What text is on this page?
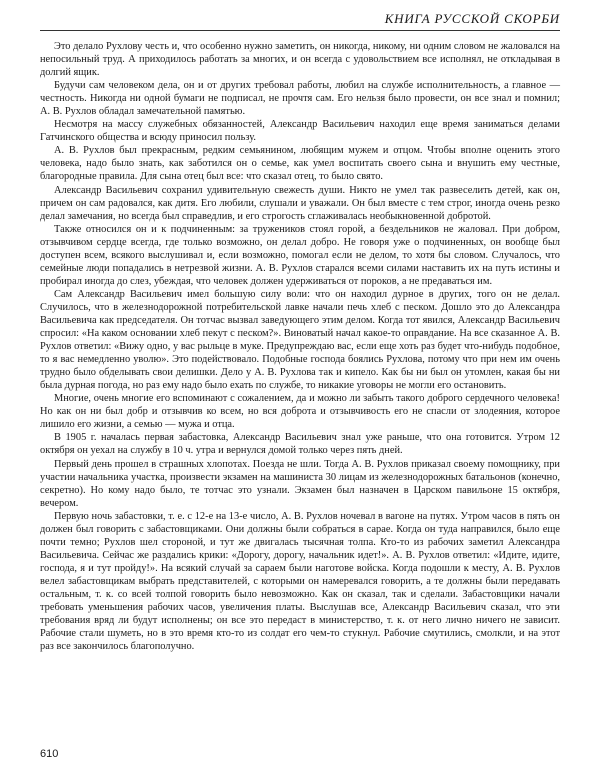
КНИГА РУССКОЙ СКОРБИ

Это делало Рухлову честь и, что особенно нужно заметить, он никогда, никому, ни одним словом не жаловался на непосильный труд. А приходилось работать за многих, и он всегда с удовольствием все исполнял, не откладывая в долгий ящик.

Будучи сам человеком дела, он и от других требовал работы, любил на службе исполнительность, а главное — честность. Никогда ни одной бумаги не подписал, не прочтя сам. Его нельзя было провести, он все знал и помнил; А. В. Рухлов обладал замечательной памятью.

Несмотря на массу служебных обязанностей, Александр Васильевич находил еще время заниматься делами Гатчинского общества и всюду приносил пользу.

А. В. Рухлов был прекрасным, редким семьянином, любящим мужем и отцом. Чтобы вполне оценить этого человека, надо было знать, как заботился он о семье, как умел воспитать своего сына и внушить ему честные, благородные правила. Для сына отец был все: что сказал отец, то было свято.

Александр Васильевич сохранил удивительную свежесть души. Никто не умел так развеселить детей, как он, причем он сам радовался, как дитя. Его любили, слушали и уважали. Он был вместе с тем строг, иногда очень резко делал замечания, но всегда был справедлив, и его строгость сглаживалась необыкновенной добротой.

Также относился он и к подчиненным: за тружеников стоял горой, а бездельников не жаловал. При добром, отзывчивом сердце всегда, где только возможно, он делал добро. Не говоря уже о подчиненных, он вообще был доступен всем, всякого выслушивал и, если возможно, помогал если не делом, то хотя бы словом. Случалось, что семейные люди попадались в нетрезвой жизни. А. В. Рухлов старался всеми силами наставить их на путь истины и пробирал иногда до слез, убеждая, что человек должен удерживаться от пороков, а не предаваться им.

Сам Александр Васильевич имел большую силу воли: что он находил дурное в других, того он не делал. Случилось, что в железнодорожной потребительской лавке начали печь хлеб с песком. Дошло это до Александра Васильевича как председателя. Он тотчас вызвал заведующего этим делом. Когда тот явился, Александр Васильевич спросил: «На каком основании хлеб пекут с песком?». Виноватый начал какое-то оправдание. На все сказанное А. В. Рухлов ответил: «Вижу одно, у вас рыльце в муке. Предупреждаю вас, если еще хоть раз будет что-нибудь подобное, то я вас немедленно уволю». Это подействовало. Подобные господа боялись Рухлова, потому что при нем им очень трудно было обделывать свои делишки. Дело у А. В. Рухлова так и кипело. Как бы ни был он утомлен, какая бы ни была дурная погода, но раз ему надо было ехать по службе, то никакие уговоры не могли его остановить.

Многие, очень многие его вспоминают с сожалением, да и можно ли забыть такого доброго сердечного человека! Но как он ни был добр и отзывчив ко всем, но вся доброта и отзывчивость его не спасли от злодеяния, которое лишило его жизни, а семью — мужа и отца.

В 1905 г. началась первая забастовка, Александр Васильевич знал уже раньше, что она готовится. Утром 12 октября он уехал на службу в 10 ч. утра и вернулся домой только через пять дней.

Первый день прошел в страшных хлопотах. Поезда не шли. Тогда А. В. Рухлов приказал своему помощнику, при участии начальника участка, произвести экзамен на машиниста 30 лицам из железнодорожных батальонов (конечно, секретно). Но кому надо было, те тотчас это узнали. Экзамен был назначен в Царском павильоне 15 октября, вечером.

Первую ночь забастовки, т. е. с 12-е на 13-е число, А. В. Рухлов ночевал в вагоне на путях. Утром часов в пять он должен был говорить с забастовщиками. Они должны были собраться в сарае. Когда он туда направился, было еще почти темно; Рухлов шел стороной, и тут же двигалась тысячная толпа. Кто-то из рабочих заметил Александра Васильевича. Сейчас же раздались крики: «Дорогу, дорогу, начальник идет!». А. В. Рухлов ответил: «Идите, идите, господа, я и тут пройду!». На всякий случай за сараем были наготове войска. Когда подошли к месту, А. В. Рухлов велел забастовщикам выбрать представителей, с которыми он намеревался говорить, а те должны были передавать остальным, т. к. со всей толпой говорить было невозможно. Как он сказал, так и сделали. Забастовщики начали требовать уменьшения рабочих часов, увеличения платы. Выслушав все, Александр Васильевич сказал, что эти требования вряд ли будут исполнены; он все это передаст в министерство, т. к. от него лично ничего не зависит. Рабочие стали шуметь, но в это время кто-то из солдат его чем-то стукнул. Рабочие смутились, смолкли, и на этот раз все закончилось благополучно.

610
